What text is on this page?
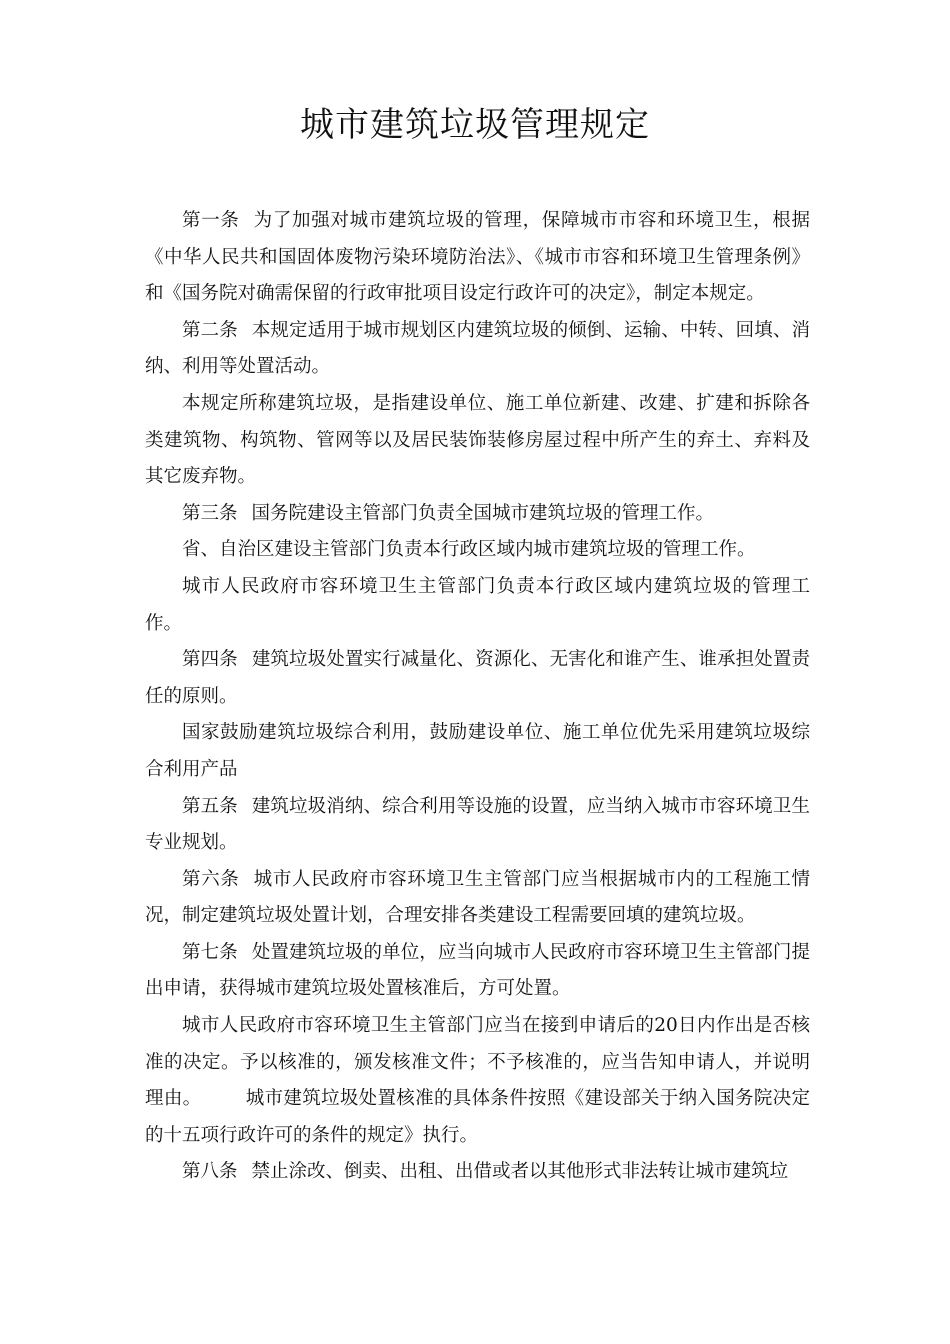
城市建筑垃圾管理规定

第一条 为了加强对城市建筑垃圾的管理，保障城市市容和环境卫生，根据《中华人民共和国固体废物污染环境防治法》、《城市市容和环境卫生管理条例》和《国务院对确需保留的行政审批项目设定行政许可的决定》，制定本规定。

第二条 本规定适用于城市规划区内建筑垃圾的倾倒、运输、中转、回填、消纳、利用等处置活动。

本规定所称建筑垃圾，是指建设单位、施工单位新建、改建、扩建和拆除各类建筑物、构筑物、管网等以及居民装饰装修房屋过程中所产生的弃土、弃料及其它废弃物。

第三条 国务院建设主管部门负责全国城市建筑垃圾的管理工作。

省、自治区建设主管部门负责本行政区域内城市建筑垃圾的管理工作。

城市人民政府市容环境卫生主管部门负责本行政区域内建筑垃圾的管理工作。

第四条 建筑垃圾处置实行减量化、资源化、无害化和谁产生、谁承担处置责任的原则。

国家鼓励建筑垃圾综合利用，鼓励建设单位、施工单位优先采用建筑垃圾综合利用产品

第五条 建筑垃圾消纳、综合利用等设施的设置，应当纳入城市市容环境卫生专业规划。

第六条 城市人民政府市容环境卫生主管部门应当根据城市内的工程施工情况，制定建筑垃圾处置计划，合理安排各类建设工程需要回填的建筑垃圾。

第七条 处置建筑垃圾的单位，应当向城市人民政府市容环境卫生主管部门提出申请，获得城市建筑垃圾处置核准后，方可处置。

城市人民政府市容环境卫生主管部门应当在接到申请后的20日内作出是否核准的决定。予以核准的，颁发核准文件；不予核准的，应当告知申请人，并说明理由。 城市建筑垃圾处置核准的具体条件按照《建设部关于纳入国务院决定的十五项行政许可的条件的规定》执行。

第八条 禁止涂改、倒卖、出租、出借或者以其他形式非法转让城市建筑垃
